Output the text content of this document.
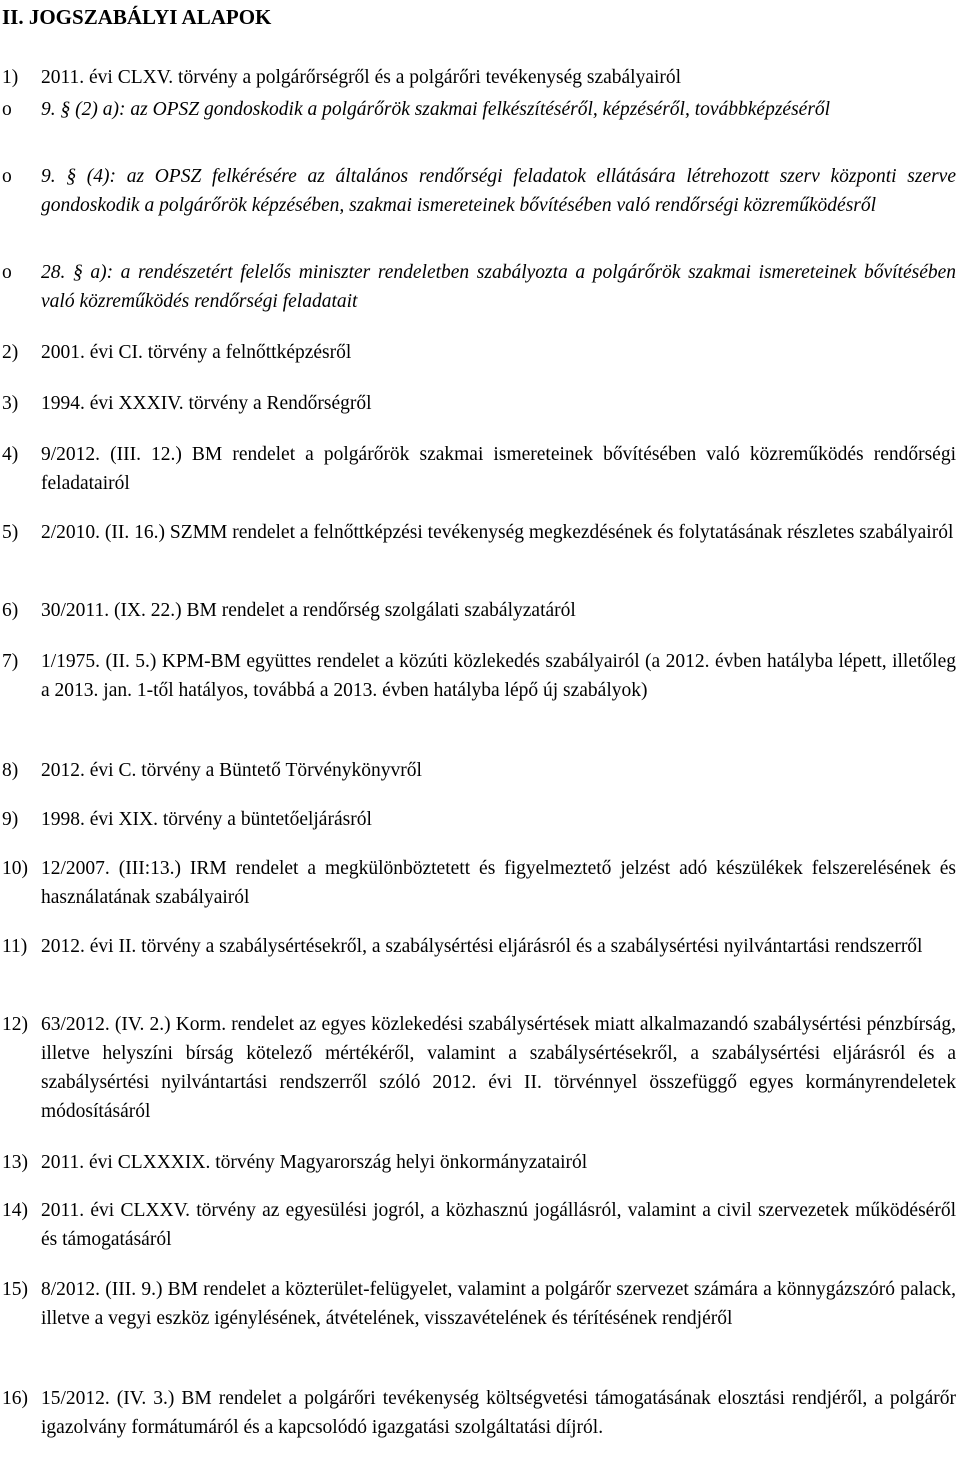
II. JOGSZABÁLYI ALAPOK
1) 2011. évi CLXV. törvény a polgárőrségről és a polgárőri tevékenység szabályairól
o 9. § (2) a): az OPSZ gondoskodik a polgárőrök szakmai felkészítéséről, képzéséről, továbbképzéséről
o 9. § (4): az OPSZ felkérésére az általános rendőrségi feladatok ellátására létrehozott szerv központi szerve gondoskodik a polgárőrök képzésében, szakmai ismereteinek bővítésében való rendőrségi közreműködésről
o 28. § a): a rendészetért felelős miniszter rendeletben szabályozta a polgárőrök szakmai ismereteinek bővítésében való közreműködés rendőrségi feladatait
2) 2001. évi CI. törvény a felnőttképzésről
3) 1994. évi XXXIV. törvény a Rendőrségről
4) 9/2012. (III. 12.) BM rendelet a polgárőrök szakmai ismereteinek bővítésében való közreműködés rendőrségi feladatairól
5) 2/2010. (II. 16.) SZMM rendelet a felnőttképzési tevékenység megkezdésének és folytatásának részletes szabályairól
6) 30/2011. (IX. 22.) BM rendelet a rendőrség szolgálati szabályzatáról
7) 1/1975. (II. 5.) KPM-BM együttes rendelet a közúti közlekedés szabályairól (a 2012. évben hatályba lépett, illetőleg a 2013. jan. 1-től hatályos, továbbá a 2013. évben hatályba lépő új szabályok)
8) 2012. évi C. törvény a Büntető Törvénykönyvről
9) 1998. évi XIX. törvény a büntetőeljárásról
10) 12/2007. (III:13.) IRM rendelet a megkülönböztetett és figyelmeztető jelzést adó készülékek felszerelésének és használatának szabályairól
11) 2012. évi II. törvény a szabálysértésekről, a szabálysértési eljárásról és a szabálysértési nyilvántartási rendszerről
12) 63/2012. (IV. 2.) Korm. rendelet az egyes közlekedési szabálysértések miatt alkalmazandó szabálysértési pénzbírság, illetve helyszíni bírság kötelező mértékéről, valamint a szabálysértésekről, a szabálysértési eljárásról és a szabálysértési nyilvántartási rendszerről szóló 2012. évi II. törvénnyel összefüggő egyes kormányrendeletek módosításáról
13) 2011. évi CLXXXIX. törvény Magyarország helyi önkormányzatairól
14) 2011. évi CLXXV. törvény az egyesülési jogról, a közhasznú jogállásról, valamint a civil szervezetek működéséről és támogatásáról
15) 8/2012. (III. 9.) BM rendelet a közterület-felügyelet, valamint a polgárőr szervezet számára a könnygázszóró palack, illetve a vegyi eszköz igénylésének, átvételének, visszavételének és térítésének rendjéről
16) 15/2012. (IV. 3.) BM rendelet a polgárőri tevékenység költségvetési támogatásának elosztási rendjéről, a polgárőr igazolvány formátumáról és a kapcsolódó igazgatási szolgáltatási díjról.
